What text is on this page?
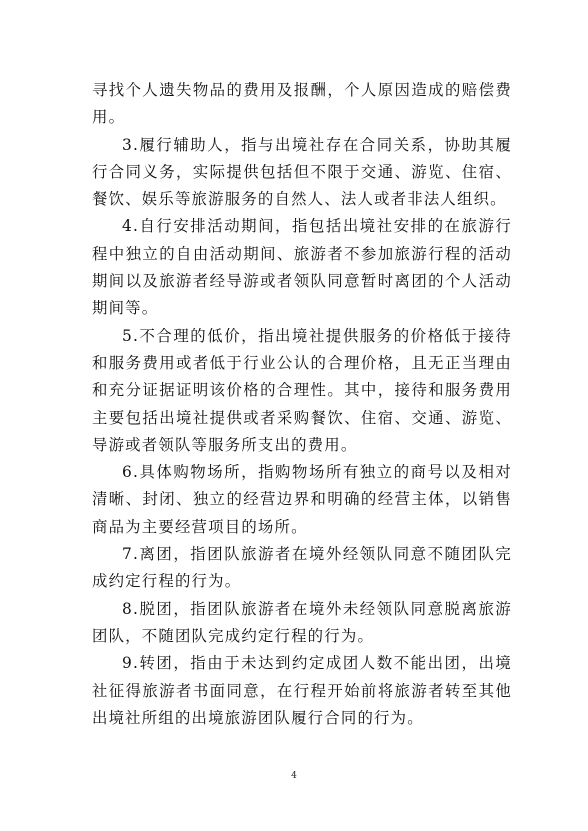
寻找个人遗失物品的费用及报酬，个人原因造成的赔偿费用。

3.履行辅助人，指与出境社存在合同关系，协助其履行合同义务，实际提供包括但不限于交通、游览、住宿、餐饮、娱乐等旅游服务的自然人、法人或者非法人组织。

4.自行安排活动期间，指包括出境社安排的在旅游行程中独立的自由活动期间、旅游者不参加旅游行程的活动期间以及旅游者经导游或者领队同意暂时离团的个人活动期间等。

5.不合理的低价，指出境社提供服务的价格低于接待和服务费用或者低于行业公认的合理价格，且无正当理由和充分证据证明该价格的合理性。其中，接待和服务费用主要包括出境社提供或者采购餐饮、住宿、交通、游览、导游或者领队等服务所支出的费用。

6.具体购物场所，指购物场所有独立的商号以及相对清晰、封闭、独立的经营边界和明确的经营主体，以销售商品为主要经营项目的场所。

7.离团，指团队旅游者在境外经领队同意不随团队完成约定行程的行为。

8.脱团，指团队旅游者在境外未经领队同意脱离旅游团队，不随团队完成约定行程的行为。

9.转团，指由于未达到约定成团人数不能出团，出境社征得旅游者书面同意，在行程开始前将旅游者转至其他出境社所组的出境旅游团队履行合同的行为。

4
